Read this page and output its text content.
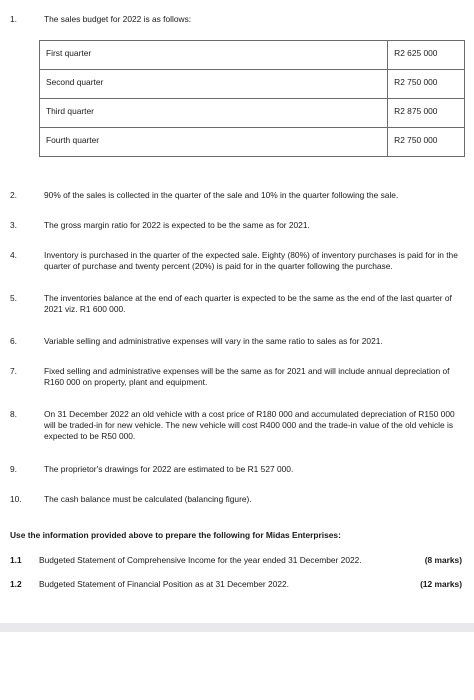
1.	The sales budget for 2022 is as follows:
First quarter	R2 625 000
Second quarter	R2 750 000
Third quarter	R2 875 000
Fourth quarter	R2 750 000
2.	90% of the sales is collected in the quarter of the sale and 10% in the quarter following the sale.
3.	The gross margin ratio for 2022 is expected to be the same as for 2021.
4.	Inventory is purchased in the quarter of the expected sale. Eighty (80%) of inventory purchases is paid for in the quarter of purchase and twenty percent (20%) is paid for in the quarter following the purchase.
5.	The inventories balance at the end of each quarter is expected to be the same as the end of the last quarter of 2021 viz. R1 600 000.
6.	Variable selling and administrative expenses will vary in the same ratio to sales as for 2021.
7.	Fixed selling and administrative expenses will be the same as for 2021 and will include annual depreciation of R160 000 on property, plant and equipment.
8.	On 31 December 2022 an old vehicle with a cost price of R180 000 and accumulated depreciation of R150 000 will be traded-in for new vehicle. The new vehicle will cost R400 000 and the trade-in value of the old vehicle is expected to be R50 000.
9.	The proprietor's drawings for 2022 are estimated to be R1 527 000.
10.	The cash balance must be calculated (balancing figure).
Use the information provided above to prepare the following for Midas Enterprises:
1.1	Budgeted Statement of Comprehensive Income for the year ended 31 December 2022.	(8 marks)
1.2	Budgeted Statement of Financial Position as at 31 December 2022.	(12 marks)
